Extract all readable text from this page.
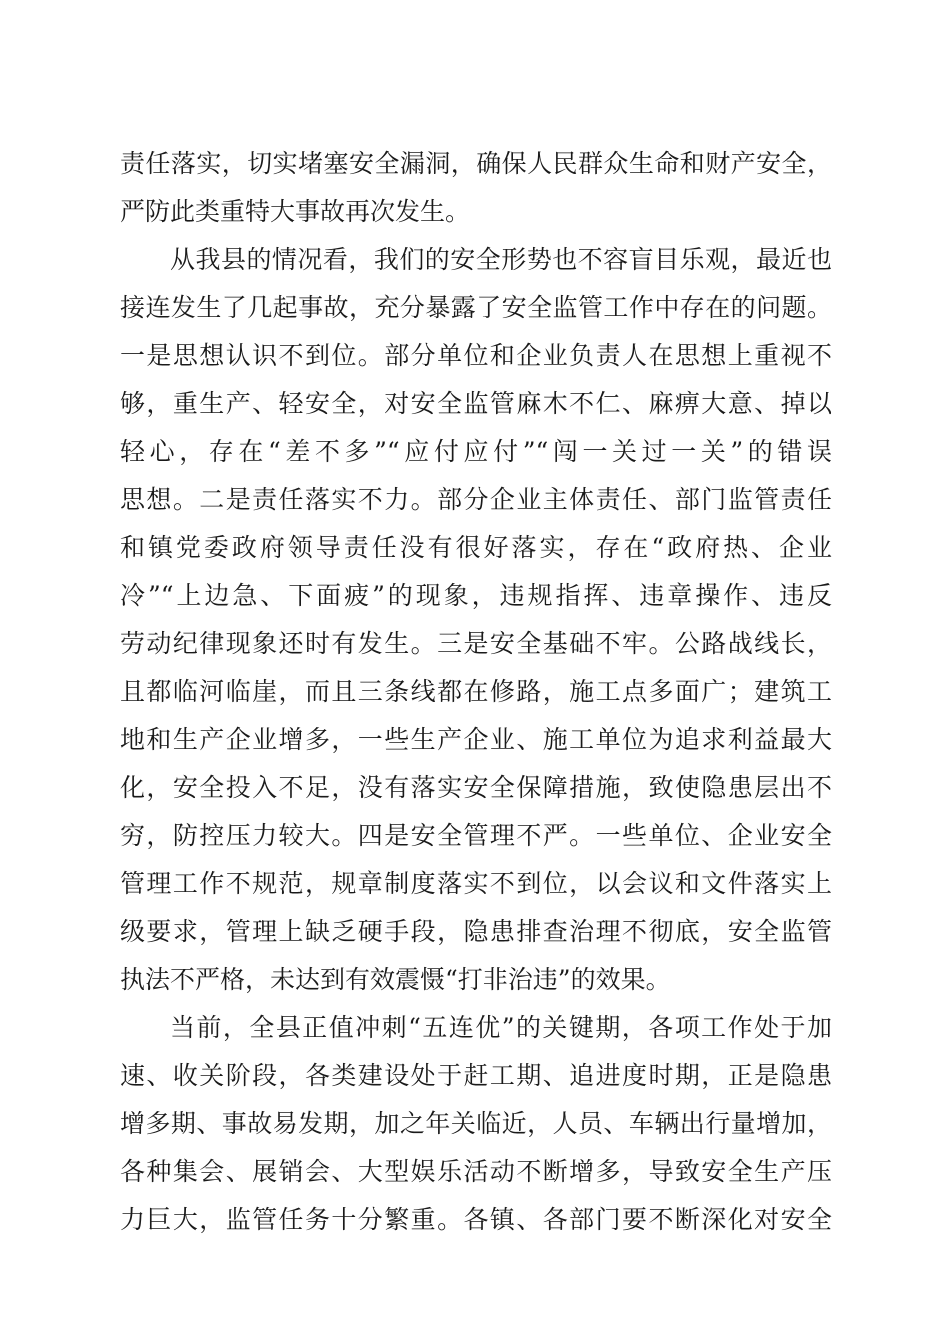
责任落实，切实堵塞安全漏洞，确保人民群众生命和财产安全，
严防此类重特大事故再次发生。
从我县的情况看，我们的安全形势也不容盲目乐观，最近也
接连发生了几起事故，充分暴露了安全监管工作中存在的问题。
一是思想认识不到位。部分单位和企业负责人在思想上重视不
够，重生产、轻安全，对安全监管麻木不仁、麻痹大意、掉以
轻心，存在“差不多”“应付应付”“闯一关过一关”的错误
思想。二是责任落实不力。部分企业主体责任、部门监管责任
和镇党委政府领导责任没有很好落实，存在“政府热、企业
冷”“上边急、下面疲”的现象，违规指挥、违章操作、违反
劳动纪律现象还时有发生。三是安全基础不牢。公路战线长，
且都临河临崖，而且三条线都在修路，施工点多面广；建筑工
地和生产企业增多，一些生产企业、施工单位为追求利益最大
化，安全投入不足，没有落实安全保障措施，致使隐患层出不
穷，防控压力较大。四是安全管理不严。一些单位、企业安全
管理工作不规范，规章制度落实不到位，以会议和文件落实上
级要求，管理上缺乏硬手段，隐患排查治理不彻底，安全监管
执法不严格，未达到有效震慑“打非治违”的效果。
当前，全县正值冲刺“五连优”的关键期，各项工作处于加
速、收关阶段，各类建设处于赶工期、追进度时期，正是隐患
增多期、事故易发期，加之年关临近，人员、车辆出行量增加，
各种集会、展销会、大型娱乐活动不断增多，导致安全生产压
力巨大，监管任务十分繁重。各镇、各部门要不断深化对安全
